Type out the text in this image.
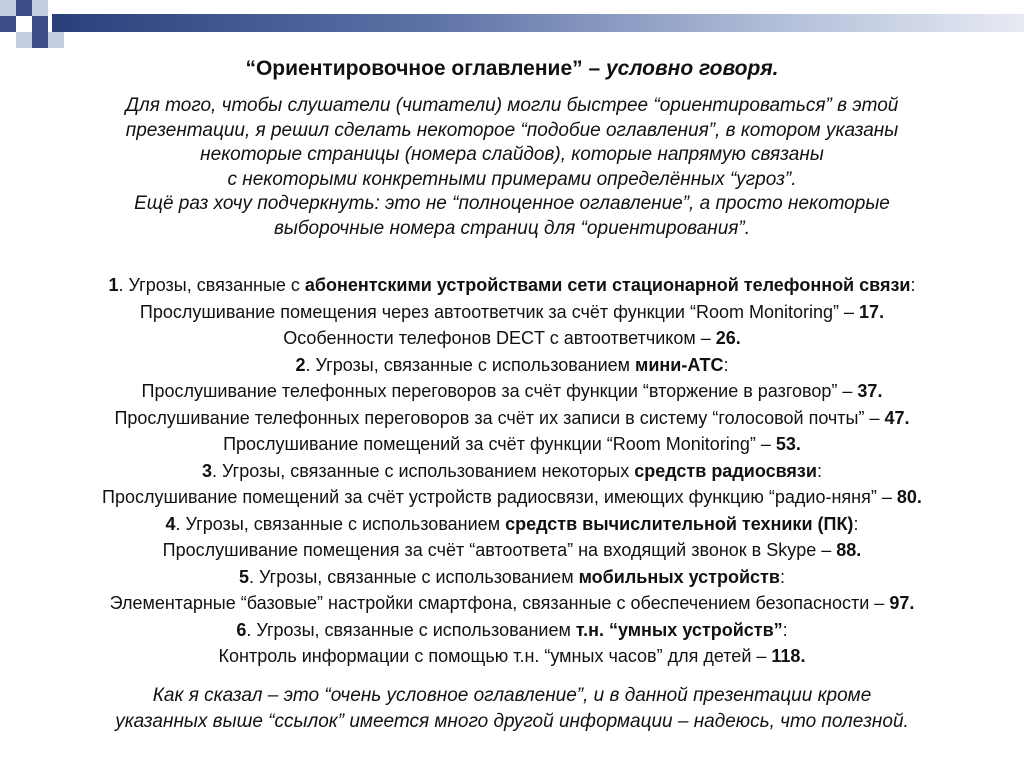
“Ориентировочное оглавление” – условно говоря.
Для того, чтобы слушатели (читатели) могли быстрее “ориентироваться” в этой
презентации, я решил сделать некоторое “подобие оглавления”, в котором указаны
некоторые страницы (номера слайдов), которые напрямую связаны
с некоторыми конкретными примерами определённых “угроз”.
Ещё раз хочу подчеркнуть: это не “полноценное оглавление”, а просто некоторые
выборочные номера страниц для “ориентирования”.
1. Угрозы, связанные с абонентскими устройствами сети стационарной телефонной связи:
Прослушивание помещения через автоответчик за счёт функции “Room Monitoring” – 17.
Особенности телефонов DECT с автоответчиком – 26.
2. Угрозы, связанные с использованием мини-АТС:
Прослушивание телефонных переговоров за счёт функции “вторжение в разговор” – 37.
Прослушивание телефонных переговоров за счёт их записи в систему “голосовой почты” – 47.
Прослушивание помещений за счёт функции “Room Monitoring” – 53.
3. Угрозы, связанные с использованием некоторых средств радиосвязи:
Прослушивание помещений за счёт устройств радиосвязи, имеющих функцию “радио-няня” – 80.
4. Угрозы, связанные с использованием средств вычислительной техники (ПК):
Прослушивание помещения за счёт “автоответа” на входящий звонок в Skype – 88.
5. Угрозы, связанные с использованием мобильных устройств:
Элементарные “базовые” настройки смартфона, связанные с обеспечением безопасности – 97.
6. Угрозы, связанные с использованием т.н. “умных устройств”:
Контроль информации с помощью т.н. “умных часов” для детей – 118.
Как я сказал – это “очень условное оглавление”, и в данной презентации кроме
указанных выше “ссылок” имеется много другой информации – надеюсь, что полезной.
